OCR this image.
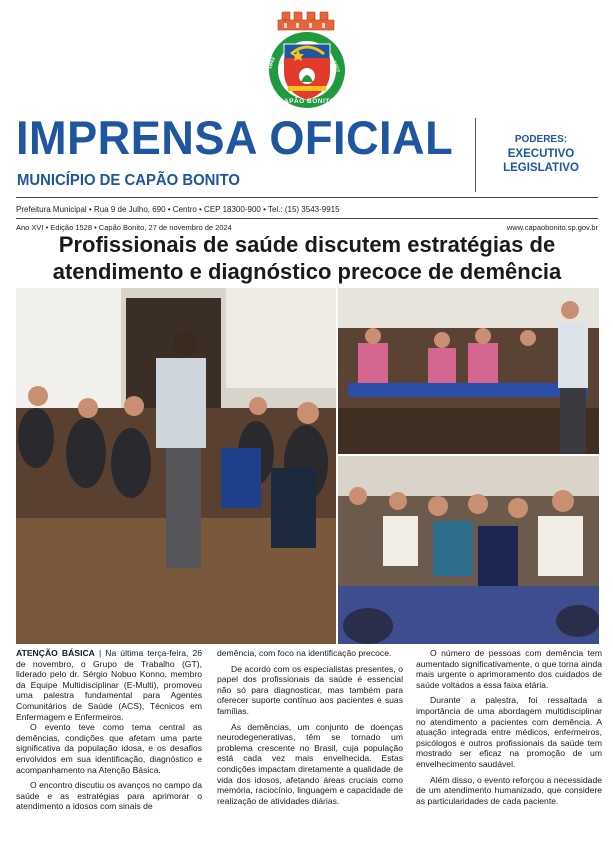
CAPÃO BONITO
1843	1857
IMPRENSA OFICIAL
MUNICÍPIO DE CAPÃO BONITO
PODERES:
EXECUTIVO
LEGISLATIVO
Prefeitura Municipal • Rua 9 de Julho, 690 • Centro • CEP 18300-900 • Tel.: (15) 3543-9915
Ano XVI • Edição 1528 • Capão Bonito, 27 de novembro de 2024	www.capaobonito.sp.gov.br
Profissionais de saúde discutem estratégias de atendimento e diagnóstico precoce de demência

ATENÇÃO BÁSICA | Na última terça-feira, 26 de novembro, o Grupo de Trabalho (GT), liderado pelo dr. Sérgio Nobuo Konno, membro da Equipe Multidisciplinar (E-Multi), promoveu uma palestra fundamental para Agentes Comunitários de Saúde (ACS), Técnicos em Enfermagem e Enfermeiros.

O evento teve como tema central as demências, condições que afetam uma parte significativa da população idosa, e os desafios envolvidos em sua identificação, diagnóstico e acompanhamento na Atenção Básica.

O encontro discutiu os avanços no campo da saúde e as estratégias para aprimorar o atendimento a idosos com sinais de

demência, com foco na identificação precoce.

De acordo com os especialistas presentes, o papel dos profissionais da saúde é essencial não só para diagnosticar, mas também para oferecer suporte contínuo aos pacientes e suas famílias.

As demências, um conjunto de doenças neurodegenerativas, têm se tornado um problema crescente no Brasil, cuja população está cada vez mais envelhecida. Estas condições impactam diretamente a qualidade de vida dos idosos, afetando áreas cruciais como memória, raciocínio, linguagem e capacidade de realização de atividades diárias.

O número de pessoas com demência tem aumentado significativamente, o que torna ainda mais urgente o aprimoramento dos cuidados de saúde voltados a essa faixa etária.

Durante a palestra, foi ressaltada a importância de uma abordagem multidisciplinar no atendimento a pacientes com demência. A atuação integrada entre médicos, enfermeiros, psicólogos e outros profissionais da saúde tem mostrado ser eficaz na promoção de um envelhecimento saudável.

Além disso, o evento reforçou a necessidade de um atendimento humanizado, que considere as particularidades de cada paciente.
